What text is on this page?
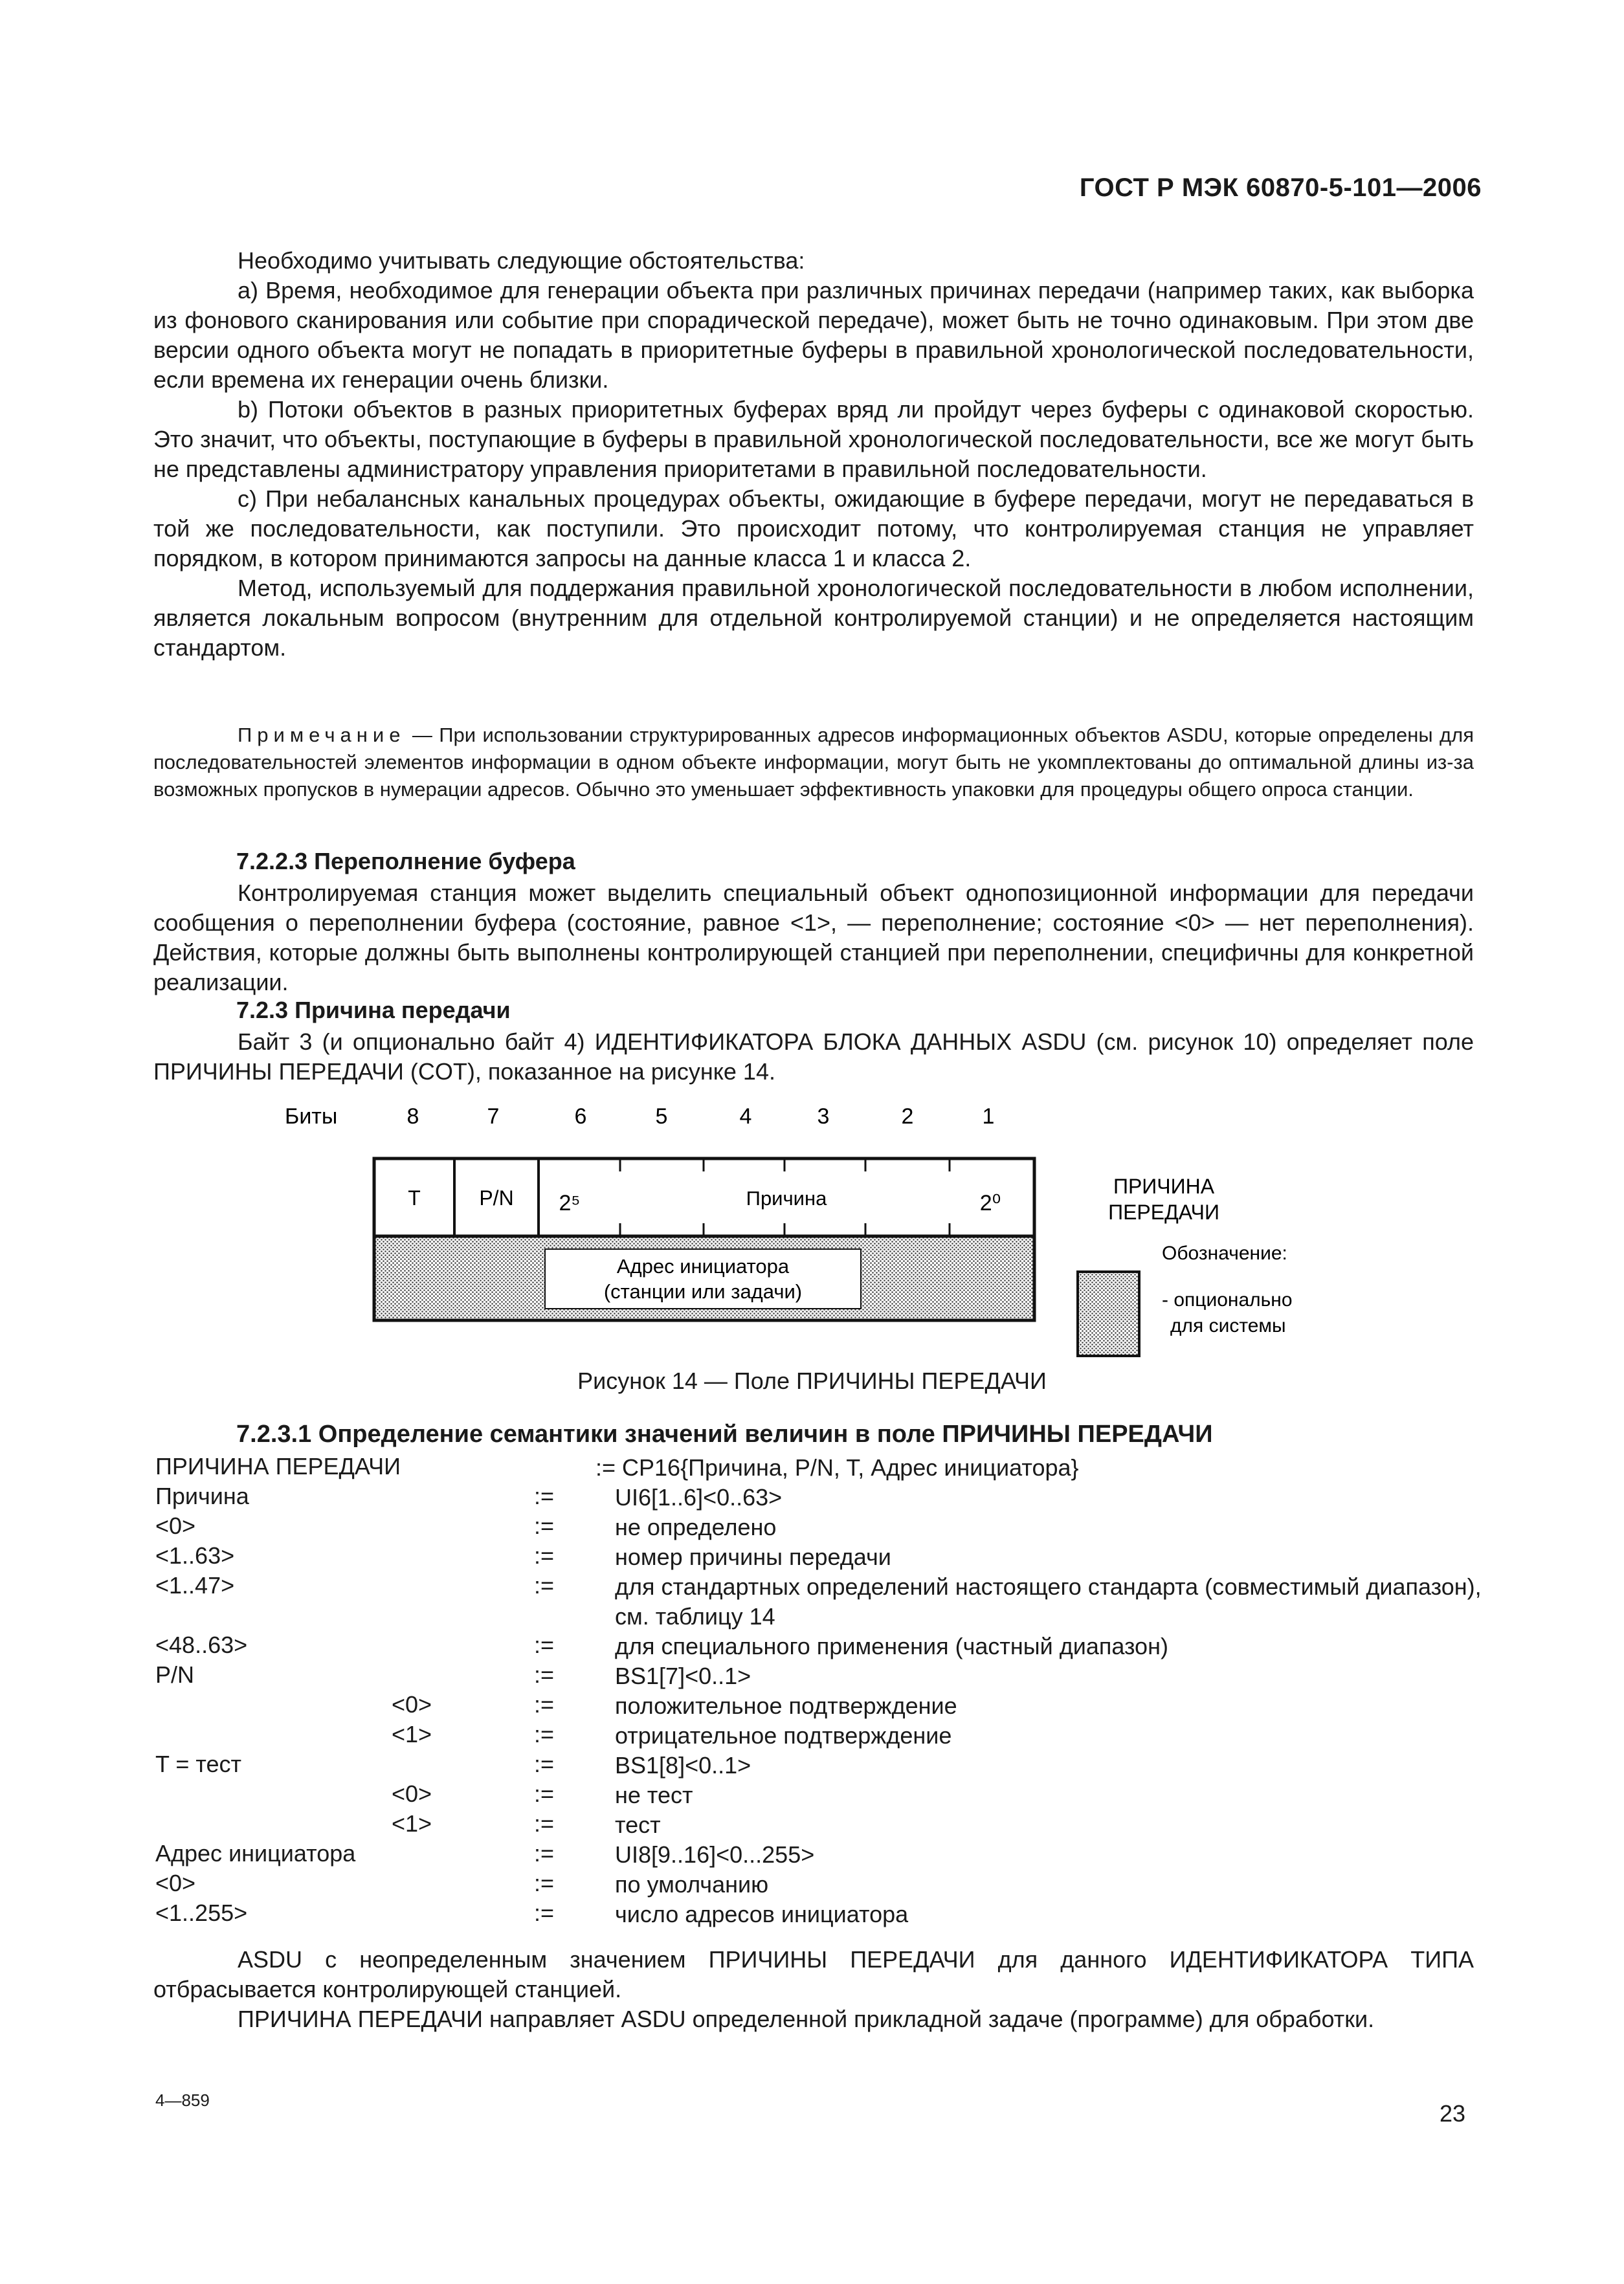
ГОСТ Р МЭК 60870-5-101—2006

Необходимо учитывать следующие обстоятельства:

а) Время, необходимое для генерации объекта при различных причинах передачи (например таких, как выборка из фонового сканирования или событие при спорадической передаче), может быть не точно одинаковым. При этом две версии одного объекта могут не попадать в приоритетные буферы в правильной хронологической последовательности, если времена их генерации очень близки.

b) Потоки объектов в разных приоритетных буферах вряд ли пройдут через буферы с одинаковой скоростью. Это значит, что объекты, поступающие в буферы в правильной хронологической последовательности, все же могут быть не представлены администратору управления приоритетами в правильной последовательности.

с) При небалансных канальных процедурах объекты, ожидающие в буфере передачи, могут не передаваться в той же последовательности, как поступили. Это происходит потому, что контролируемая станция не управляет порядком, в котором принимаются запросы на данные класса 1 и класса 2.

Метод, используемый для поддержания правильной хронологической последовательности в любом исполнении, является локальным вопросом (внутренним для отдельной контролируемой станции) и не определяется настоящим стандартом.

Примечание — При использовании структурированных адресов информационных объектов ASDU, которые определены для последовательностей элементов информации в одном объекте информации, могут быть не укомплектованы до оптимальной длины из-за возможных пропусков в нумерации адресов. Обычно это уменьшает эффективность упаковки для процедуры общего опроса станции.

7.2.2.3 Переполнение буфера

Контролируемая станция может выделить специальный объект однопозиционной информации для передачи сообщения о переполнении буфера (состояние, равное <1>, — переполнение; состояние <0> — нет переполнения). Действия, которые должны быть выполнены контролирующей станцией при переполнении, специфичны для конкретной реализации.

7.2.3 Причина передачи

Байт 3 (и опционально байт 4) ИДЕНТИФИКАТОРА БЛОКА ДАННЫХ ASDU (см. рисунок 10) определяет поле ПРИЧИНЫ ПЕРЕДАЧИ (COT), показанное на рисунке 14.

Биты	8	7	6	5	4	3	2	1
T	P/N 2⁵	Причина	2⁰
Адрес инициатора
(станции или задачи)
ПРИЧИНА
ПЕРЕДАЧИ
Обозначение:
- опционально
для системы
Рисунок 14 — Поле ПРИЧИНЫ ПЕРЕДАЧИ
7.2.3.1 Определение семантики значений величин в поле ПРИЧИНЫ ПЕРЕДАЧИ
ПРИЧИНА ПЕРЕДАЧИ	:= CP16{Причина, P/N, T, Адрес инициатора}
Причина	:=	UI6[1..6]<0..63>
<0>	:=	не определено
<1..63>	:=	номер причины передачи
<1..47>	:=	для стандартных определений настоящего стандарта (совместимый диапазон), см. таблицу 14
<48..63>	:=	для специального применения (частный диапазон)
P/N	:=	BS1[7]<0..1>
<0>	:=	положительное подтверждение
<1>	:=	отрицательное подтверждение
T = тест	:=	BS1[8]<0..1>
<0>	:=	не тест
<1>	:=	тест
Адрес инициатора	:=	UI8[9..16]<0...255>
<0>	:=	по умолчанию
<1..255>	:=	число адресов инициатора

ASDU с неопределенным значением ПРИЧИНЫ ПЕРЕДАЧИ для данного ИДЕНТИФИКАТОРА ТИПА отбрасывается контролирующей станцией.

ПРИЧИНА ПЕРЕДАЧИ направляет ASDU определенной прикладной задаче (программе) для обработки.

4—859	23
